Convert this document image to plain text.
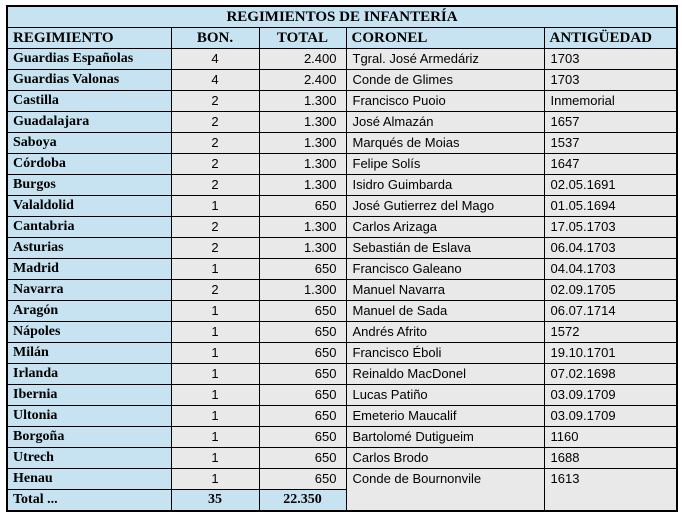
REGIMIENTOS DE INFANTERÍA				
REGIMIENTO	BON.	TOTAL	CORONEL	ANTIGÜEDAD
Guardias Españolas	4	2.400	Tgral. José Armedáriz	1703
Guardias Valonas	4	2.400	Conde de Glimes	1703
Castilla	2	1.300	Francisco Puoio	Inmemorial
Guadalajara	2	1.300	José Almazán	1657
Saboya	2	1.300	Marqués de Moias	1537
Córdoba	2	1.300	Felipe Solís	1647
Burgos	2	1.300	Isidro Guimbarda	02.05.1691
Valaldolid	1	650	José Gutierrez del Mago	01.05.1694
Cantabria	2	1.300	Carlos Arizaga	17.05.1703
Asturias	2	1.300	Sebastián de Eslava	06.04.1703
Madrid	1	650	Francisco Galeano	04.04.1703
Navarra	2	1.300	Manuel Navarra	02.09.1705
Aragón	1	650	Manuel de Sada	06.07.1714
Nápoles	1	650	Andrés Afrito	1572
Milán	1	650	Francisco Éboli	19.10.1701
Irlanda	1	650	Reinaldo MacDonel	07.02.1698
Ibernia	1	650	Lucas Patiño	03.09.1709
Ultonia	1	650	Emeterio Maucalif	03.09.1709
Borgoña	1	650	Bartolomé Dutigueim	1160
Utrech	1	650	Carlos Brodo	1688
Henau	1	650	Conde de Bournonvile	1613
Total ...	35	22.350		
